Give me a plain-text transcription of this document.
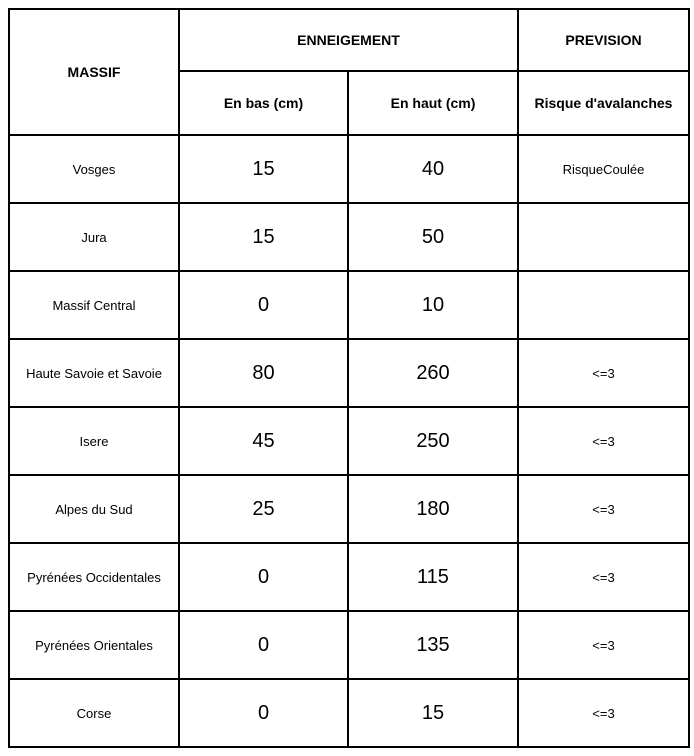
MASSIF	ENNEIGEMENT		PREVISION
	En bas (cm)	En haut (cm)	Risque d'avalanches
Vosges	15	40	RisqueCoulée
Jura	15	50	
Massif Central	0	10	
Haute Savoie et Savoie	80	260	<=3
Isere	45	250	<=3
Alpes du Sud	25	180	<=3
Pyrénées Occidentales	0	115	<=3
Pyrénées Orientales	0	135	<=3
Corse	0	15	<=3
